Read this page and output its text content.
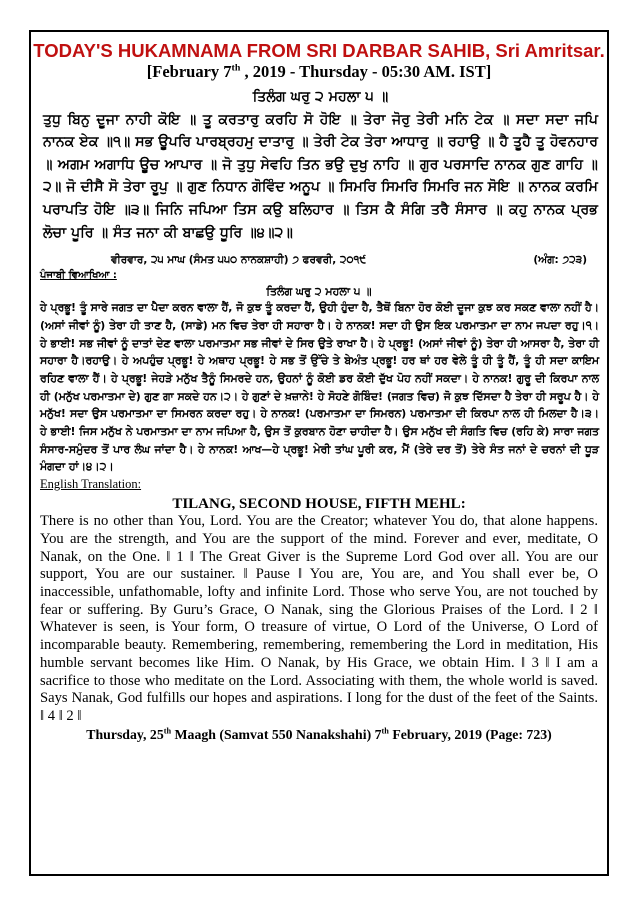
TODAY'S HUKAMNAMA FROM SRI DARBAR SAHIB, Sri Amritsar.
[February 7th , 2019 - Thursday - 05:30 AM. IST]
ਤਿਲੰਗ ਘਰੁ ੨ ਮਹਲਾ ੫ ॥

ਤੁਧੁ ਬਿਨੁ ਦੂਜਾ ਨਾਹੀ ਕੋਇ ॥ ਤੂ ਕਰਤਾਰੁ ਕਰਹਿ ਸੋ ਹੋਇ ॥ ਤੇਰਾ ਜੋਰੁ ਤੇਰੀ ਮਨਿ ਟੇਕ ॥ ਸਦਾ ਸਦਾ ਜਪਿ ਨਾਨਕ ਏਕ ॥੧॥ ਸਭ ਊਪਰਿ ਪਾਰਬ੍ਰਹਮੁ ਦਾਤਾਰੁ ॥ ਤੇਰੀ ਟੇਕ ਤੇਰਾ ਆਧਾਰੁ ॥ ਰਹਾਉ ॥ ਹੈ ਤੂਹੈ ਤੂ ਹੋਵਨਹਾਰ ॥ ਅਗਮ ਅਗਾਧਿ ਊਚ ਆਪਾਰ ॥ ਜੋ ਤੁਧੁ ਸੇਵਹਿ ਤਿਨ ਭਉ ਦੁਖੁ ਨਾਹਿ ॥ ਗੁਰ ਪਰਸਾਦਿ ਨਾਨਕ ਗੁਣ ਗਾਹਿ ॥੨॥ ਜੋ ਦੀਸੈ ਸੋ ਤੇਰਾ ਰੂਪੁ ॥ ਗੁਣ ਨਿਧਾਨ ਗੋਵਿੰਦ ਅਨੂਪ ॥ ਸਿਮਰਿ ਸਿਮਰਿ ਸਿਮਰਿ ਜਨ ਸੋਇ ॥ ਨਾਨਕ ਕਰਮਿ ਪਰਾਪਤਿ ਹੋਇ ॥੩॥ ਜਿਨਿ ਜਪਿਆ ਤਿਸ ਕਉ ਬਲਿਹਾਰ ॥ ਤਿਸ ਕੈ ਸੰਗਿ ਤਰੈ ਸੰਸਾਰ ॥ ਕਹੁ ਨਾਨਕ ਪ੍ਰਭ ਲੋਚਾ ਪੂਰਿ ॥ ਸੰਤ ਜਨਾ ਕੀ ਬਾਛਉ ਧੂਰਿ ॥੪॥੨॥

ਵੀਰਵਾਰ, ੨੫ ਮਾਘ (ਸੰਮਤ ੫੫੦ ਨਾਨਕਸ਼ਾਹੀ) ੭ ਫਰਵਰੀ, ੨੦੧੯	(ਅੰਗ: ੭੨੩)
ਪੰਜਾਬੀ ਵਿਆਖਿਆ :
ਤਿਲੰਗ ਘਰੁ ੨ ਮਹਲਾ ੫ ॥

ਹੇ ਪ੍ਰਭੂ! ਤੂੰ ਸਾਰੇ ਜਗਤ ਦਾ ਪੈਦਾ ਕਰਨ ਵਾਲਾ ਹੈਂ, ਜੋ ਕੁਝ ਤੂੰ ਕਰਦਾ ਹੈਂ, ਉਹੀ ਹੁੰਦਾ ਹੈ, ਤੈਥੋਂ ਬਿਨਾ ਹੋਰ ਕੋਈ ਦੂਜਾ ਕੁਝ ਕਰ ਸਕਣ ਵਾਲਾ ਨਹੀਂ ਹੈ। (ਅਸਾਂ ਜੀਵਾਂ ਨੂੰ) ਤੇਰਾ ਹੀ ਤਾਣ ਹੈ, (ਸਾਡੇ) ਮਨ ਵਿਚ ਤੇਰਾ ਹੀ ਸਹਾਰਾ ਹੈ। ਹੇ ਨਾਨਕ! ਸਦਾ ਹੀ ਉਸ ਇਕ ਪਰਮਾਤਮਾ ਦਾ ਨਾਮ ਜਪਦਾ ਰਹੁ।੧। ਹੇ ਭਾਈ! ਸਭ ਜੀਵਾਂ ਨੂੰ ਦਾਤਾਂ ਦੇਣ ਵਾਲਾ ਪਰਮਾਤਮਾ ਸਭ ਜੀਵਾਂ ਦੇ ਸਿਰ ਉਤੇ ਰਾਖਾ ਹੈ। ਹੇ ਪ੍ਰਭੂ! (ਅਸਾਂ ਜੀਵਾਂ ਨੂੰ) ਤੇਰਾ ਹੀ ਆਸਰਾ ਹੈ, ਤੇਰਾ ਹੀ ਸਹਾਰਾ ਹੈ।ਰਹਾਉ। ਹੇ ਅਪਹੁੰਚ ਪ੍ਰਭੂ! ਹੇ ਅਥਾਹ ਪ੍ਰਭੂ! ਹੇ ਸਭ ਤੋਂ ਉੱਚੇ ਤੇ ਬੇਅੰਤ ਪ੍ਰਭੂ! ਹਰ ਥਾਂ ਹਰ ਵੇਲੇ ਤੂੰ ਹੀ ਤੂੰ ਹੈਂ, ਤੂੰ ਹੀ ਸਦਾ ਕਾਇਮ ਰਹਿਣ ਵਾਲਾ ਹੈਂ। ਹੇ ਪ੍ਰਭੂ! ਜੇਹੜੇ ਮਨੁੱਖ ਤੈਨੂੰ ਸਿਮਰਦੇ ਹਨ, ਉਹਨਾਂ ਨੂੰ ਕੋਈ ਡਰ ਕੋਈ ਦੁੱਖ ਪੋਹ ਨਹੀਂ ਸਕਦਾ। ਹੇ ਨਾਨਕ! ਗੁਰੂ ਦੀ ਕਿਰਪਾ ਨਾਲ ਹੀ (ਮਨੁੱਖ ਪਰਮਾਤਮਾ ਦੇ) ਗੁਣ ਗਾ ਸਕਦੇ ਹਨ।੨। ਹੇ ਗੁਣਾਂ ਦੇ ਖ਼ਜ਼ਾਨੇ! ਹੇ ਸੋਹਣੇ ਗੋਬਿੰਦ! (ਜਗਤ ਵਿਚ) ਜੋ ਕੁਝ ਦਿੱਸਦਾ ਹੈ ਤੇਰਾ ਹੀ ਸਰੂਪ ਹੈ। ਹੇ ਮਨੁੱਖ! ਸਦਾ ਉਸ ਪਰਮਾਤਮਾ ਦਾ ਸਿਮਰਨ ਕਰਦਾ ਰਹੁ। ਹੇ ਨਾਨਕ! (ਪਰਮਾਤਮਾ ਦਾ ਸਿਮਰਨ) ਪਰਮਾਤਮਾ ਦੀ ਕਿਰਪਾ ਨਾਲ ਹੀ ਮਿਲਦਾ ਹੈ।੩। ਹੇ ਭਾਈ! ਜਿਸ ਮਨੁੱਖ ਨੇ ਪਰਮਾਤਮਾ ਦਾ ਨਾਮ ਜਪਿਆ ਹੈ, ਉਸ ਤੋਂ ਕੁਰਬਾਨ ਹੋਣਾ ਚਾਹੀਦਾ ਹੈ। ਉਸ ਮਨੁੱਖ ਦੀ ਸੰਗਤਿ ਵਿਚ (ਰਹਿ ਕੇ) ਸਾਰਾ ਜਗਤ ਸੰਸਾਰ-ਸਮੁੰਦਰ ਤੋਂ ਪਾਰ ਲੰਘ ਜਾਂਦਾ ਹੈ। ਹੇ ਨਾਨਕ! ਆਖ—ਹੇ ਪ੍ਰਭੂ! ਮੇਰੀ ਤਾਂਘ ਪੂਰੀ ਕਰ, ਮੈਂ (ਤੇਰੇ ਦਰ ਤੋਂ) ਤੇਰੇ ਸੰਤ ਜਨਾਂ ਦੇ ਚਰਨਾਂ ਦੀ ਧੂੜ ਮੰਗਦਾ ਹਾਂ।੪।੨।

English Translation:
TILANG, SECOND HOUSE, FIFTH MEHL:

There is no other than You, Lord. You are the Creator; whatever You do, that alone happens. You are the strength, and You are the support of the mind. Forever and ever, meditate, O Nanak, on the One. ‖ 1 ‖ The Great Giver is the Supreme Lord God over all. You are our support, You are our sustainer. ‖ Pause ‖ You are, You are, and You shall ever be, O inaccessible, unfathomable, lofty and infinite Lord. Those who serve You, are not touched by fear or suffering. By Guru’s Grace, O Nanak, sing the Glorious Praises of the Lord. ‖ 2 ‖ Whatever is seen, is Your form, O treasure of virtue, O Lord of the Universe, O Lord of incomparable beauty. Remembering, remembering, remembering the Lord in meditation, His humble servant becomes like Him. O Nanak, by His Grace, we obtain Him. ‖ 3 ‖ I am a sacrifice to those who meditate on the Lord. Associating with them, the whole world is saved. Says Nanak, God fulfills our hopes and aspirations. I long for the dust of the feet of the Saints. ‖ 4 ‖ 2 ‖

Thursday, 25th Maagh (Samvat 550 Nanakshahi) 7th February, 2019 (Page: 723)
